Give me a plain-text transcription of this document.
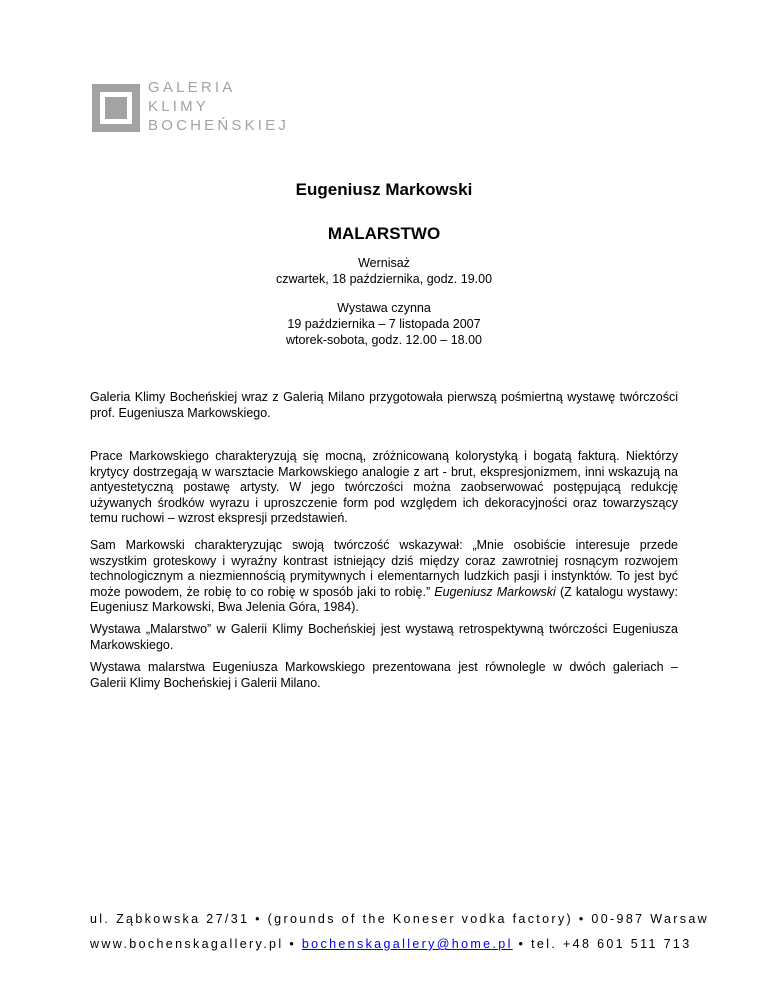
GALERIA
KLIMY
BOCHEŃSKIEJ
Eugeniusz Markowski
MALARSTWO
Wernisaż
czwartek, 18 października, godz. 19.00
Wystawa czynna
19 października – 7 listopada 2007
wtorek-sobota, godz. 12.00 – 18.00
Galeria Klimy Bocheńskiej wraz z Galerią Milano przygotowała pierwszą pośmiertną wystawę twórczości prof. Eugeniusza Markowskiego.
Prace Markowskiego charakteryzują się mocną, zróżnicowaną kolorystyką i bogatą fakturą. Niektórzy krytycy dostrzegają w warsztacie Markowskiego analogie z art - brut, ekspresjonizmem, inni wskazują na antyestetyczną postawę artysty. W jego twórczości można zaobserwować postępującą redukcję używanych środków wyrazu i uproszczenie form pod względem ich dekoracyjności oraz towarzyszący temu ruchowi – wzrost ekspresji przedstawień.
Sam Markowski charakteryzując swoją twórczość wskazywał: „Mnie osobiście interesuje przede wszystkim groteskowy i wyraźny kontrast istniejący dziś między coraz zawrotniej rosnącym rozwojem technologicznym a niezmiennością prymitywnych i elementarnych ludzkich pasji i instynktów. To jest być może powodem, że robię to co robię w sposób jaki to robię.” Eugeniusz Markowski (Z katalogu wystawy: Eugeniusz Markowski, Bwa Jelenia Góra, 1984).
Wystawa „Malarstwo” w Galerii Klimy Bocheńskiej jest wystawą retrospektywną twórczości Eugeniusza Markowskiego.
Wystawa malarstwa Eugeniusza Markowskiego prezentowana jest równolegle w dwóch galeriach – Galerii Klimy Bocheńskiej i Galerii Milano.
ul. Ząbkowska 27/31 • (grounds of the Koneser vodka factory) • 00-987 Warsaw
www.bochenskagallery.pl • bochenskagallery@home.pl • tel. +48 601 511 713
